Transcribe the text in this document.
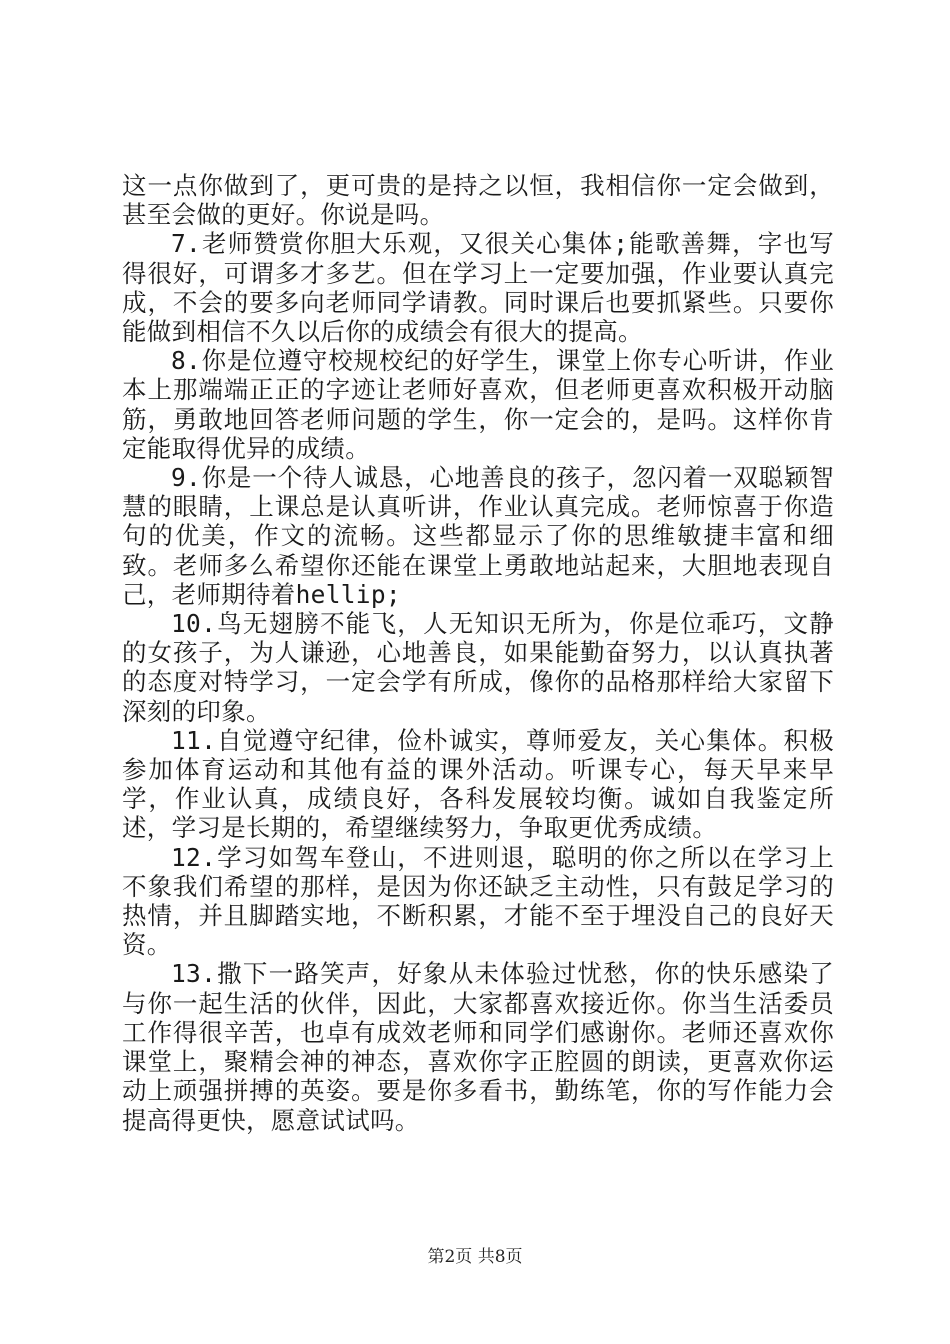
这一点你做到了，更可贵的是持之以恒，我相信你一定会做到，甚至会做的更好。你说是吗。

7.老师赞赏你胆大乐观，又很关心集体;能歌善舞，字也写得很好，可谓多才多艺。但在学习上一定要加强，作业要认真完成，不会的要多向老师同学请教。同时课后也要抓紧些。只要你能做到相信不久以后你的成绩会有很大的提高。

8.你是位遵守校规校纪的好学生，课堂上你专心听讲，作业本上那端端正正的字迹让老师好喜欢，但老师更喜欢积极开动脑筋，勇敢地回答老师问题的学生，你一定会的，是吗。这样你肯定能取得优异的成绩。

9.你是一个待人诚恳，心地善良的孩子，忽闪着一双聪颖智慧的眼睛，上课总是认真听讲，作业认真完成。老师惊喜于你造句的优美，作文的流畅。这些都显示了你的思维敏捷丰富和细致。老师多么希望你还能在课堂上勇敢地站起来，大胆地表现自己，老师期待着hellip;

10.鸟无翅膀不能飞，人无知识无所为，你是位乖巧，文静的女孩子，为人谦逊，心地善良，如果能勤奋努力，以认真执著的态度对特学习，一定会学有所成，像你的品格那样给大家留下深刻的印象。

11.自觉遵守纪律，俭朴诚实，尊师爱友，关心集体。积极参加体育运动和其他有益的课外活动。听课专心，每天早来早学，作业认真，成绩良好，各科发展较均衡。诚如自我鉴定所述，学习是长期的，希望继续努力，争取更优秀成绩。

12.学习如驾车登山，不进则退，聪明的你之所以在学习上不象我们希望的那样，是因为你还缺乏主动性，只有鼓足学习的热情，并且脚踏实地，不断积累，才能不至于埋没自己的良好天资。

13.撒下一路笑声，好象从未体验过忧愁，你的快乐感染了与你一起生活的伙伴，因此，大家都喜欢接近你。你当生活委员工作得很辛苦，也卓有成效老师和同学们感谢你。老师还喜欢你课堂上，聚精会神的神态，喜欢你字正腔圆的朗读，更喜欢你运动上顽强拼搏的英姿。要是你多看书，勤练笔，你的写作能力会提高得更快，愿意试试吗。

第2页 共8页
